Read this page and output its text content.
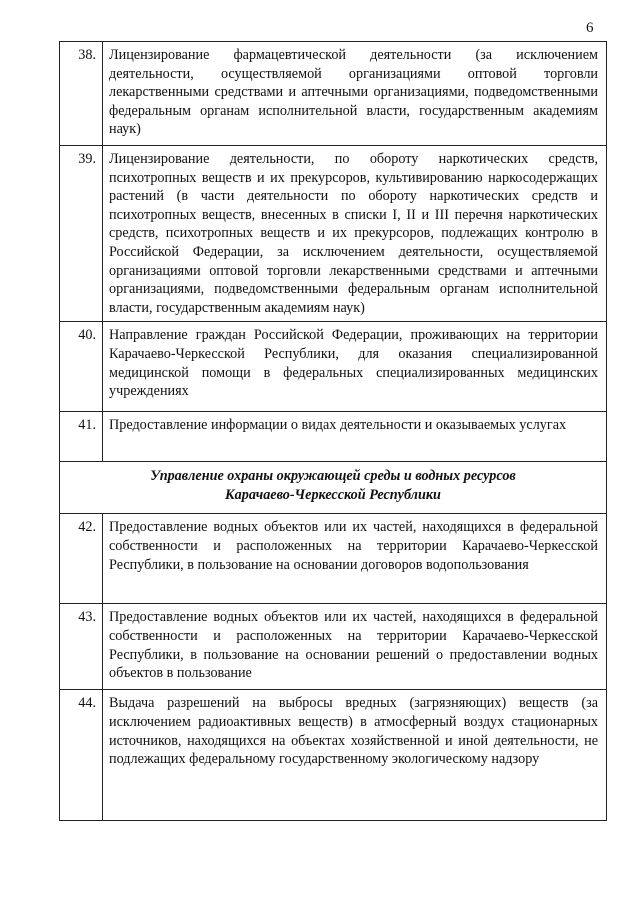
6
38.	Лицензирование фармацевтической деятельности (за исключением деятельности, осуществляемой организациями оптовой торговли лекарственными средствами и аптечными организациями, подведомственными федеральным органам исполнительной власти, государственным академиям наук)
39.	Лицензирование деятельности, по обороту наркотических средств, психотропных веществ и их прекурсоров, культивированию наркосодержащих растений (в части деятельности по обороту наркотических средств и психотропных веществ, внесенных в списки I, II и III перечня наркотических средств, психотропных веществ и их прекурсоров, подлежащих контролю в Российской Федерации, за исключением деятельности, осуществляемой организациями оптовой торговли лекарственными средствами и аптечными организациями, подведомственными федеральным органам исполнительной власти, государственным академиям наук)
40.	Направление граждан Российской Федерации, проживающих на территории Карачаево-Черкесской Республики, для оказания специализированной медицинской помощи в федеральных специализированных медицинских учреждениях
41.	Предоставление информации о видах деятельности и оказываемых услугах

Управление охраны окружающей среды и водных ресурсов
Карачаево-Черкесской Республики	

42.	Предоставление водных объектов или их частей, находящихся в федеральной собственности и расположенных на территории Карачаево-Черкесской Республики, в пользование на основании договоров водопользования
43.	Предоставление водных объектов или их частей, находящихся в федеральной собственности и расположенных на территории Карачаево-Черкесской Республики, в пользование на основании решений о предоставлении водных объектов в пользование
44.	Выдача разрешений на выбросы вредных (загрязняющих) веществ (за исключением радиоактивных веществ) в атмосферный воздух стационарных источников, находящихся на объектах хозяйственной и иной деятельности, не подлежащих федеральному государственному экологическому надзору
